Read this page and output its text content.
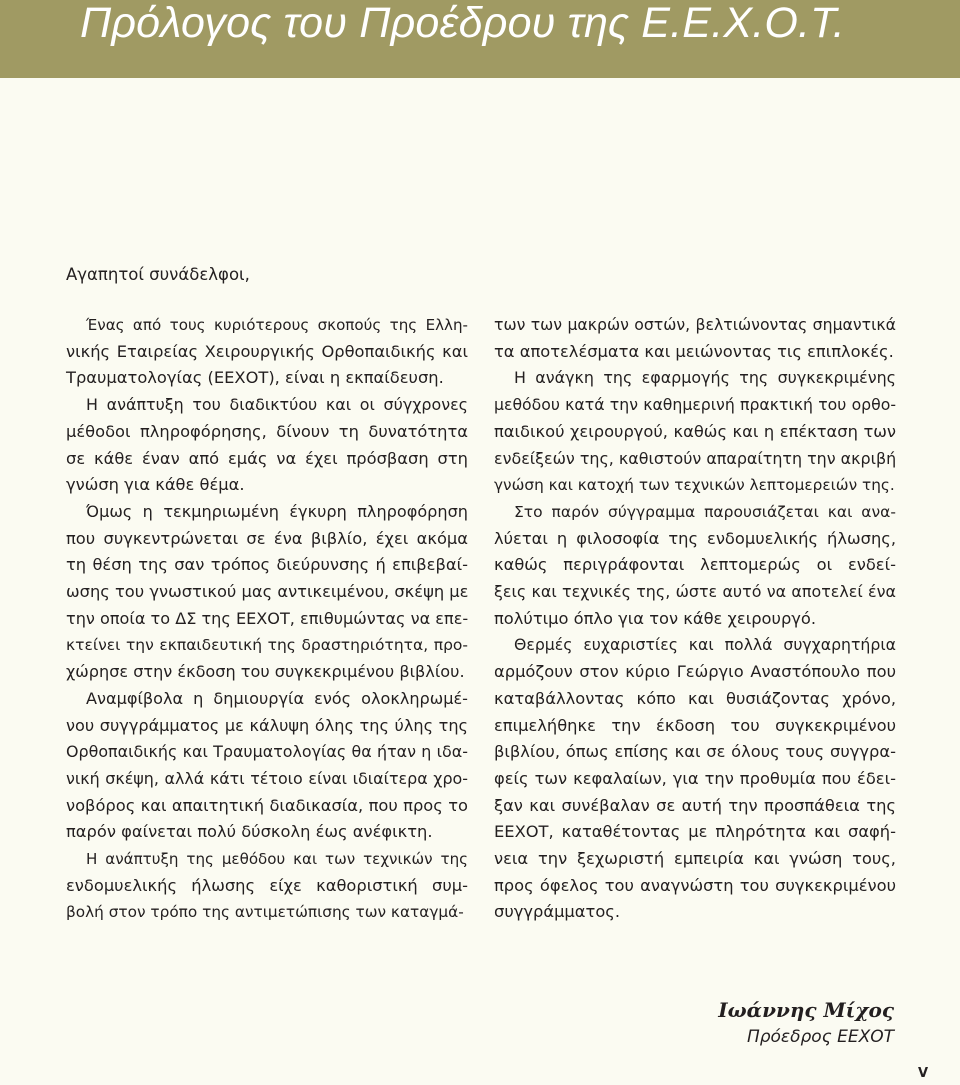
Πρόλογος του Προέδρου της Ε.Ε.Χ.Ο.Τ.
Αγαπητοί συνάδελφοι,

Ένας από τους κυριότερους σκοπούς της Ελλη-
νικής Εταιρείας Χειρουργικής Ορθοπαιδικής και
Τραυματολογίας (ΕΕΧΟΤ), είναι η εκπαίδευση.

Η ανάπτυξη του διαδικτύου και οι σύγχρονες
μέθοδοι πληροφόρησης, δίνουν τη δυνατότητα
σε κάθε έναν από εμάς να έχει πρόσβαση στη
γνώση για κάθε θέμα.

Όμως η τεκμηριωμένη έγκυρη πληροφόρηση
που συγκεντρώνεται σε ένα βιβλίο, έχει ακόμα
τη θέση της σαν τρόπος διεύρυνσης ή επιβεβαί-
ωσης του γνωστικού μας αντικειμένου, σκέψη με
την οποία το ΔΣ της ΕΕΧΟΤ, επιθυμώντας να επε-
κτείνει την εκπαιδευτική της δραστηριότητα, προ-
χώρησε στην έκδοση του συγκεκριμένου βιβλίου.

Αναμφίβολα η δημιουργία ενός ολοκληρωμέ-
νου συγγράμματος με κάλυψη όλης της ύλης της
Ορθοπαιδικής και Τραυματολογίας θα ήταν η ιδα-
νική σκέψη, αλλά κάτι τέτοιο είναι ιδιαίτερα χρο-
νοβόρος και απαιτητική διαδικασία, που προς το
παρόν φαίνεται πολύ δύσκολη έως ανέφικτη.

Η ανάπτυξη της μεθόδου και των τεχνικών της
ενδομυελικής ήλωσης είχε καθοριστική συμ-
βολή στον τρόπο της αντιμετώπισης των καταγμά-

των των μακρών οστών, βελτιώνοντας σημαντικά
τα αποτελέσματα και μειώνοντας τις επιπλοκές.

Η ανάγκη της εφαρμογής της συγκεκριμένης
μεθόδου κατά την καθημερινή πρακτική του ορθο-
παιδικού χειρουργού, καθώς και η επέκταση των
ενδείξεών της, καθιστούν απαραίτητη την ακριβή
γνώση και κατοχή των τεχνικών λεπτομερειών της.

Στο παρόν σύγγραμμα παρουσιάζεται και ανα-
λύεται η φιλοσοφία της ενδομυελικής ήλωσης,
καθώς περιγράφονται λεπτομερώς οι ενδεί-
ξεις και τεχνικές της, ώστε αυτό να αποτελεί ένα
πολύτιμο όπλο για τον κάθε χειρουργό.

Θερμές ευχαριστίες και πολλά συγχαρητήρια
αρμόζουν στον κύριο Γεώργιο Αναστόπουλο που
καταβάλλοντας κόπο και θυσιάζοντας χρόνο,
επιμελήθηκε την έκδοση του συγκεκριμένου
βιβλίου, όπως επίσης και σε όλους τους συγγρα-
φείς των κεφαλαίων, για την προθυμία που έδει-
ξαν και συνέβαλαν σε αυτή την προσπάθεια της
ΕΕΧΟΤ, καταθέτοντας με πληρότητα και σαφή-
νεια την ξεχωριστή εμπειρία και γνώση τους,
προς όφελος του αναγνώστη του συγκεκριμένου
συγγράμματος.

Ιωάννης Μίχος
Πρόεδρος ΕΕΧΟΤ
V
